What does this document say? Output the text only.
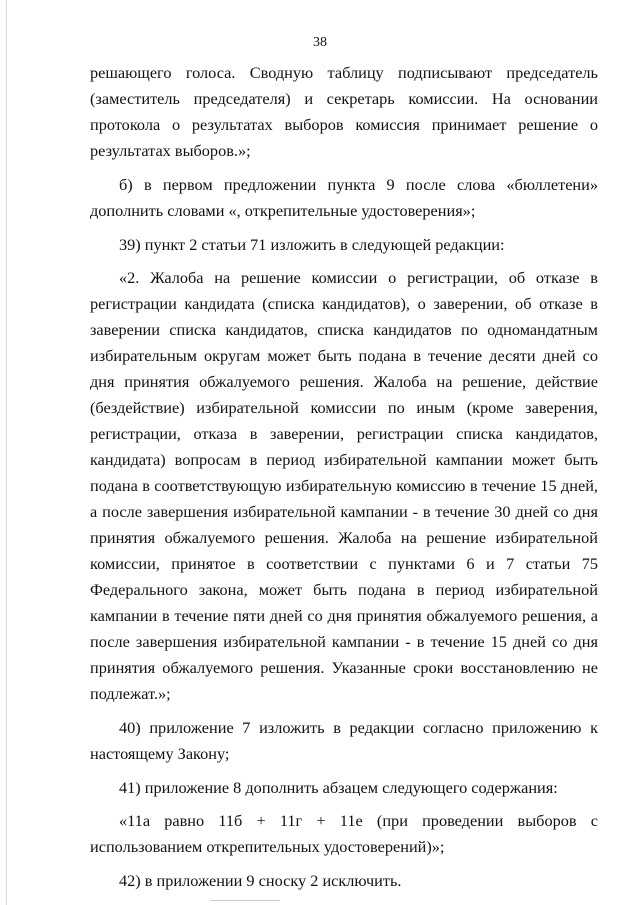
38

решающего голоса. Сводную таблицу подписывают председатель (заместитель председателя) и секретарь комиссии. На основании протокола о результатах выборов комиссия принимает решение о результатах выборов.»;

б) в первом предложении пункта 9 после слова «бюллетени» дополнить словами «, открепительные удостоверения»;

39) пункт 2 статьи 71 изложить в следующей редакции:

«2. Жалоба на решение комиссии о регистрации, об отказе в регистрации кандидата (списка кандидатов), о заверении, об отказе в заверении списка кандидатов, списка кандидатов по одномандатным избирательным округам может быть подана в течение десяти дней со дня принятия обжалуемого решения. Жалоба на решение, действие (бездействие) избирательной комиссии по иным (кроме заверения, регистрации, отказа в заверении, регистрации списка кандидатов, кандидата) вопросам в период избирательной кампании может быть подана в соответствующую избирательную комиссию в течение 15 дней, а после завершения избирательной кампании - в течение 30 дней со дня принятия обжалуемого решения. Жалоба на решение избирательной комиссии, принятое в соответствии с пунктами 6 и 7 статьи 75 Федерального закона, может быть подана в период избирательной кампании в течение пяти дней со дня принятия обжалуемого решения, а после завершения избирательной кампании - в течение 15 дней со дня принятия обжалуемого решения. Указанные сроки восстановлению не подлежат.»;

40) приложение 7 изложить в редакции согласно приложению к настоящему Закону;

41) приложение 8 дополнить абзацем следующего содержания:

«11а равно 11б + 11г + 11е (при проведении выборов с использованием открепительных удостоверений)»;

42) в приложении 9 сноску 2 исключить.
